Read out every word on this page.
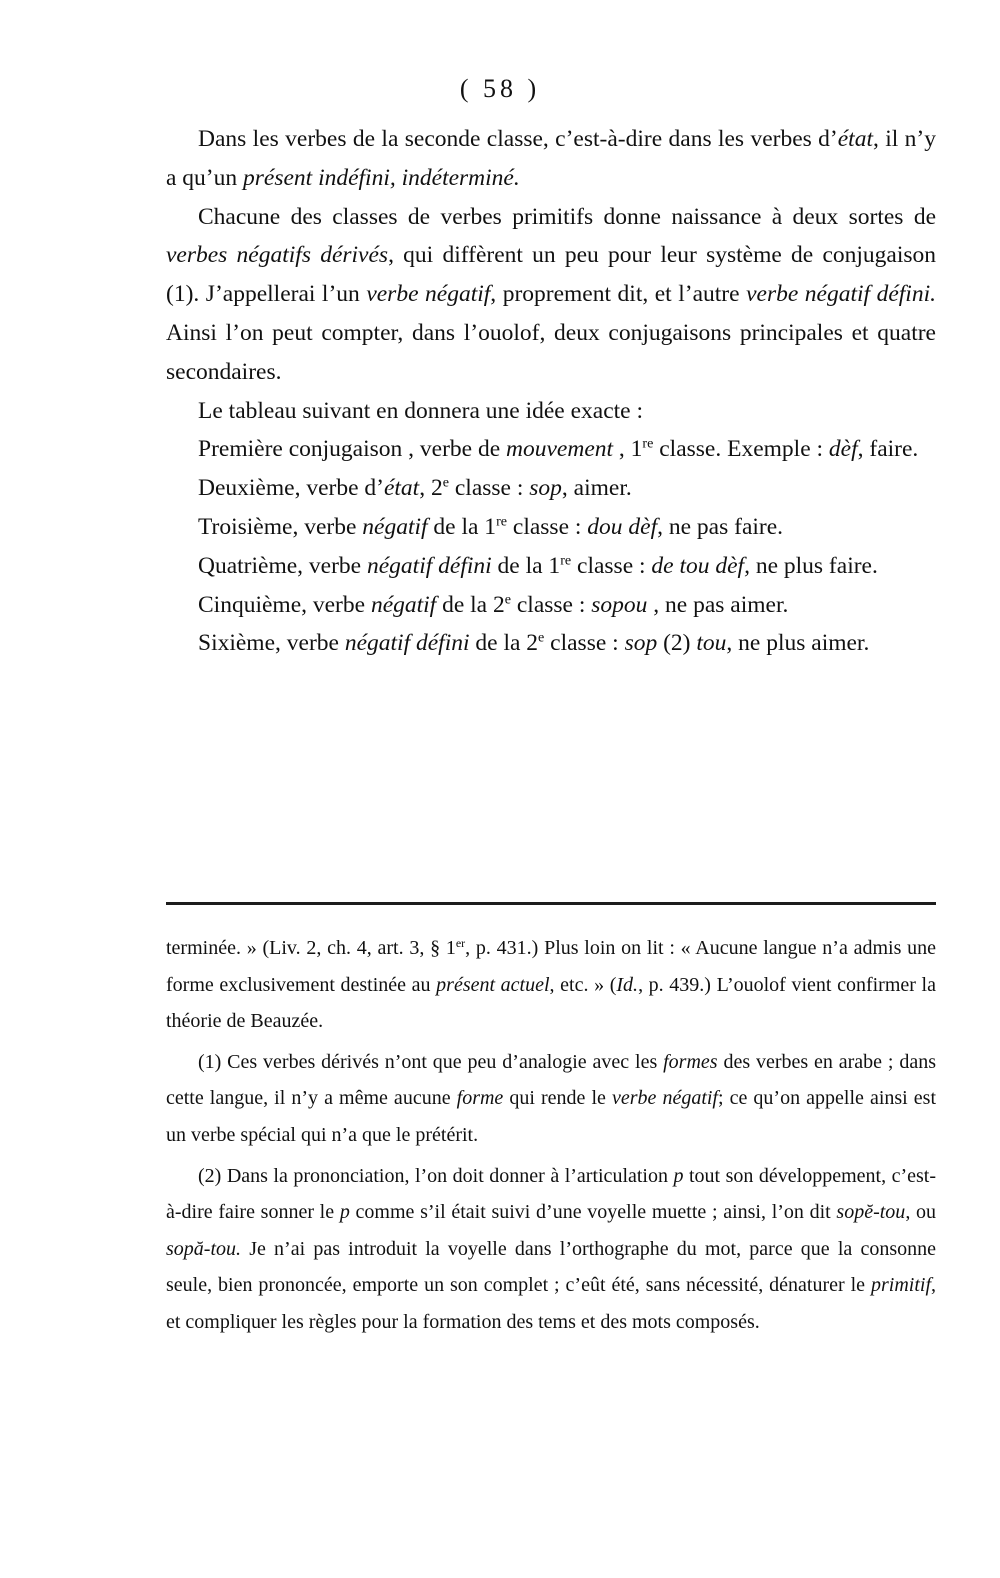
( 58 )

Dans les verbes de la seconde classe, c’est-à-dire dans les verbes d’état, il n’y a qu’un présent indéfini, indéterminé.

Chacune des classes de verbes primitifs donne naissance à deux sortes de verbes négatifs dérivés, qui diffèrent un peu pour leur système de conjugaison (1). J’appellerai l’un verbe négatif, proprement dit, et l’autre verbe négatif défini. Ainsi l’on peut compter, dans l’ouolof, deux conjugaisons principales et quatre secondaires.

Le tableau suivant en donnera une idée exacte :

Première conjugaison , verbe de mouvement , 1re classe. Exemple : dèf, faire.

Deuxième, verbe d’état, 2e classe : sop, aimer.

Troisième, verbe négatif de la 1re classe : dou dèf, ne pas faire.

Quatrième, verbe négatif défini de la 1re classe : de tou dèf, ne plus faire.

Cinquième, verbe négatif de la 2e classe : sopou , ne pas aimer.

Sixième, verbe négatif défini de la 2e classe : sop (2) tou, ne plus aimer.

terminée. » (Liv. 2, ch. 4, art. 3, § 1er, p. 431.) Plus loin on lit : « Aucune langue n’a admis une forme exclusivement destinée au présent actuel, etc. » (Id., p. 439.) L’ouolof vient confirmer la théorie de Beauzée.

(1) Ces verbes dérivés n’ont que peu d’analogie avec les formes des verbes en arabe ; dans cette langue, il n’y a même aucune forme qui rende le verbe négatif; ce qu’on appelle ainsi est un verbe spécial qui n’a que le prétérit.

(2) Dans la prononciation, l’on doit donner à l’articulation p tout son développement, c’est-à-dire faire sonner le p comme s’il était suivi d’une voyelle muette ; ainsi, l’on dit sopĕ-tou, ou sopă-tou. Je n’ai pas introduit la voyelle dans l’orthographe du mot, parce que la consonne seule, bien prononcée, emporte un son complet ; c’eût été, sans nécessité, dénaturer le primitif, et compliquer les règles pour la formation des tems et des mots composés.
